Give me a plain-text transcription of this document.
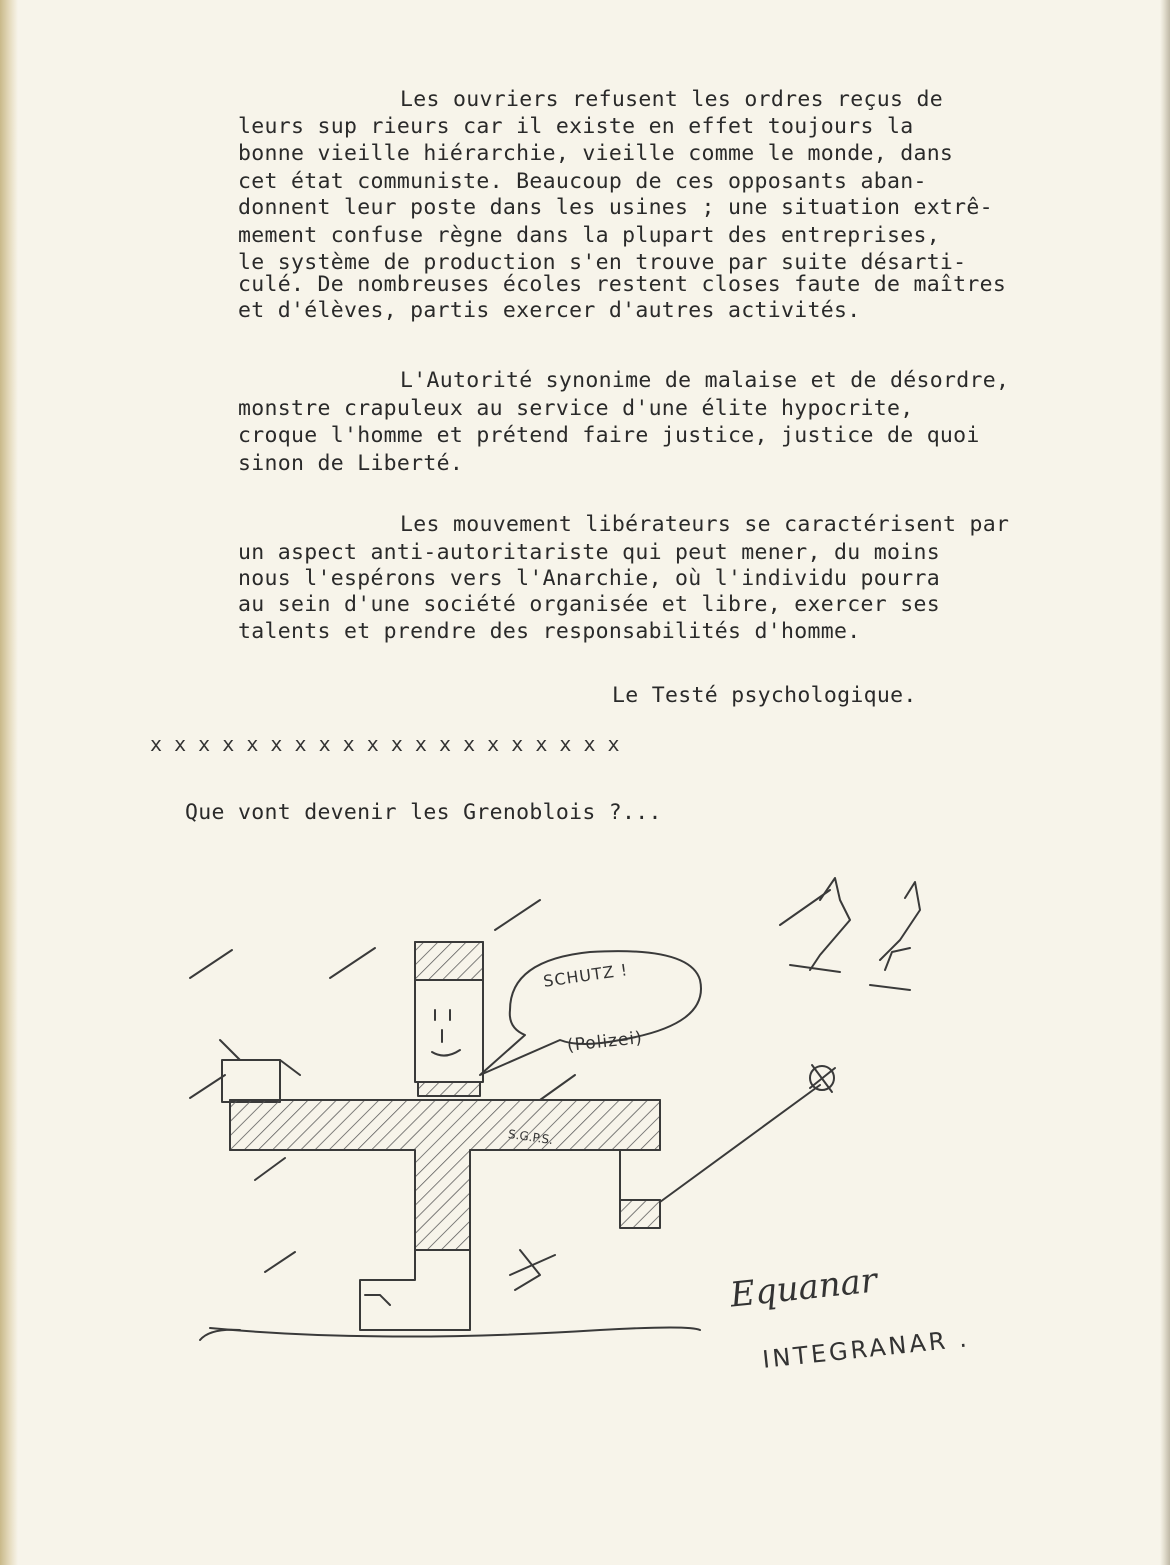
Les ouvriers refusent les ordres reçus de
leurs sup rieurs car il existe en effet toujours la
bonne vieille hiérarchie, vieille comme le monde, dans
cet état communiste. Beaucoup de ces opposants aban-
donnent leur poste dans les usines ; une situation extrê-
mement confuse règne dans la plupart des entreprises,
le système de production s'en trouve par suite désarti-
culé. De nombreuses écoles restent closes faute de maîtres
et d'élèves, partis exercer d'autres activités.
L'Autorité synonime de malaise et de désordre,
monstre crapuleux au service d'une élite hypocrite,
croque l'homme et prétend faire justice, justice de quoi
sinon de Liberté.
Les mouvement libérateurs se caractérisent par
un aspect anti-autoritariste qui peut mener, du moins
nous l'espérons vers l'Anarchie, où l'individu pourra
au sein d'une société organisée et libre, exercer ses
talents et prendre des responsabilités d'homme.
Le Testé psychologique.
x x x x x x x x x x x x x x x x x x x x
Que vont devenir les Grenoblois ?...
SCHUTZ !
(Polizei)
S.G.P.S.
Equanar
INTEGRANAR .
